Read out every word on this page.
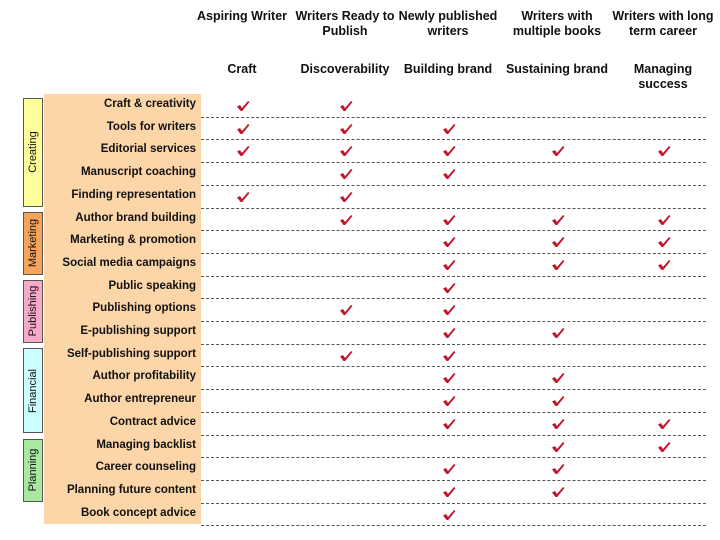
Aspiring Writer
Craft
Writers Ready to Publish
Discoverability
Newly published writers
Building brand
Writers with multiple books
Sustaining brand
Writers with long term career
Managing success
Craft & creativity
Tools for writers
Editorial services
Manuscript coaching
Finding representation
Author brand building
Marketing & promotion
Social media campaigns
Public speaking
Publishing options
E-publishing support
Self-publishing support
Author profitability
Author entrepreneur
Contract advice
Managing backlist
Career counseling
Planning future content
Book concept advice
Creating
Marketing
Publishing
Financial
Planning
